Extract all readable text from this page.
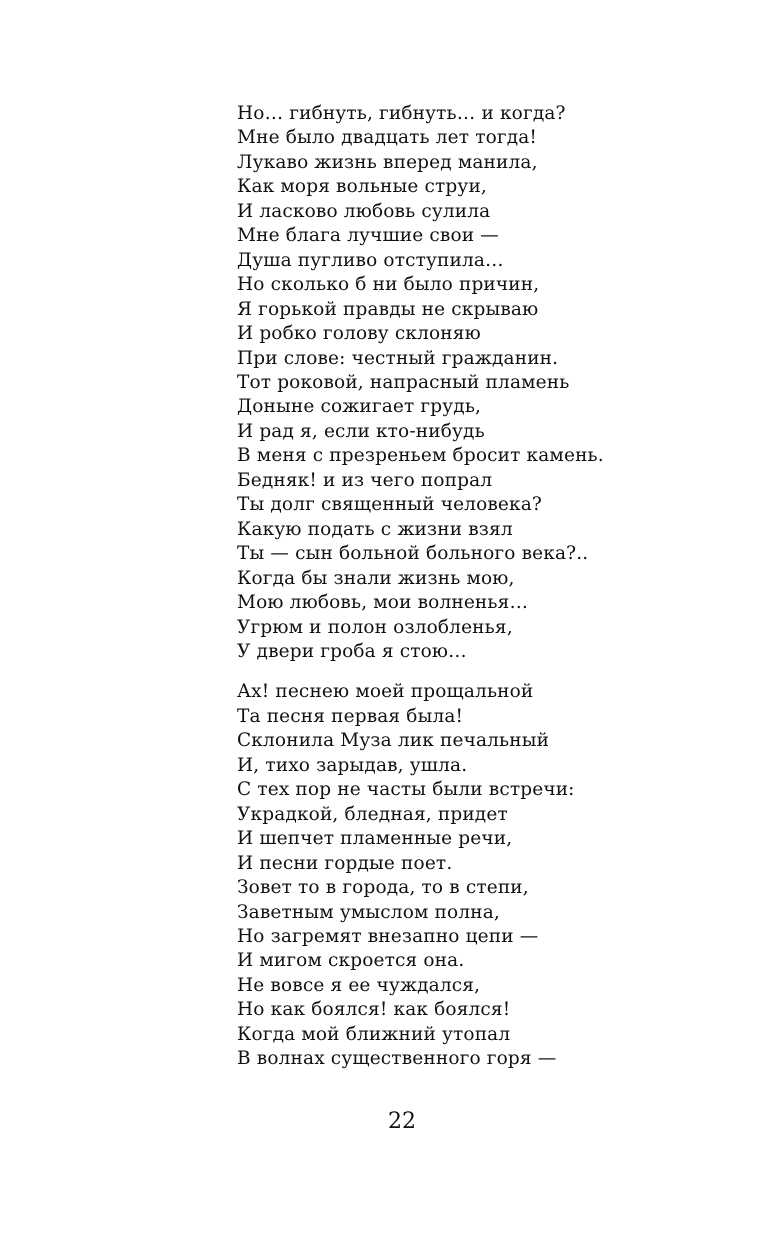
Но… гибнуть, гибнуть… и когда?
Мне было двадцать лет тогда!
Лукаво жизнь вперед манила,
Как моря вольные струи,
И ласково любовь сулила
Мне блага лучшие свои —
Душа пугливо отступила…
Но сколько б ни было причин,
Я горькой правды не скрываю
И робко голову склоняю
При слове: честный гражданин.
Тот роковой, напрасный пламень
Доныне сожигает грудь,
И рад я, если кто-нибудь
В меня с презреньем бросит камень.
Бедняк! и из чего попрал
Ты долг священный человека?
Какую подать с жизни взял
Ты — сын больной больного века?..
Когда бы знали жизнь мою,
Мою любовь, мои волненья…
Угрюм и полон озлобленья,
У двери гроба я стою…
Ах! песнею моей прощальной
Та песня первая была!
Склонила Муза лик печальный
И, тихо зарыдав, ушла.
С тех пор не часты были встречи:
Украдкой, бледная, придет
И шепчет пламенные речи,
И песни гордые поет.
Зовет то в города, то в степи,
Заветным умыслом полна,
Но загремят внезапно цепи —
И мигом скроется она.
Не вовсе я ее чуждался,
Но как боялся! как боялся!
Когда мой ближний утопал
В волнах существенного горя —
22
